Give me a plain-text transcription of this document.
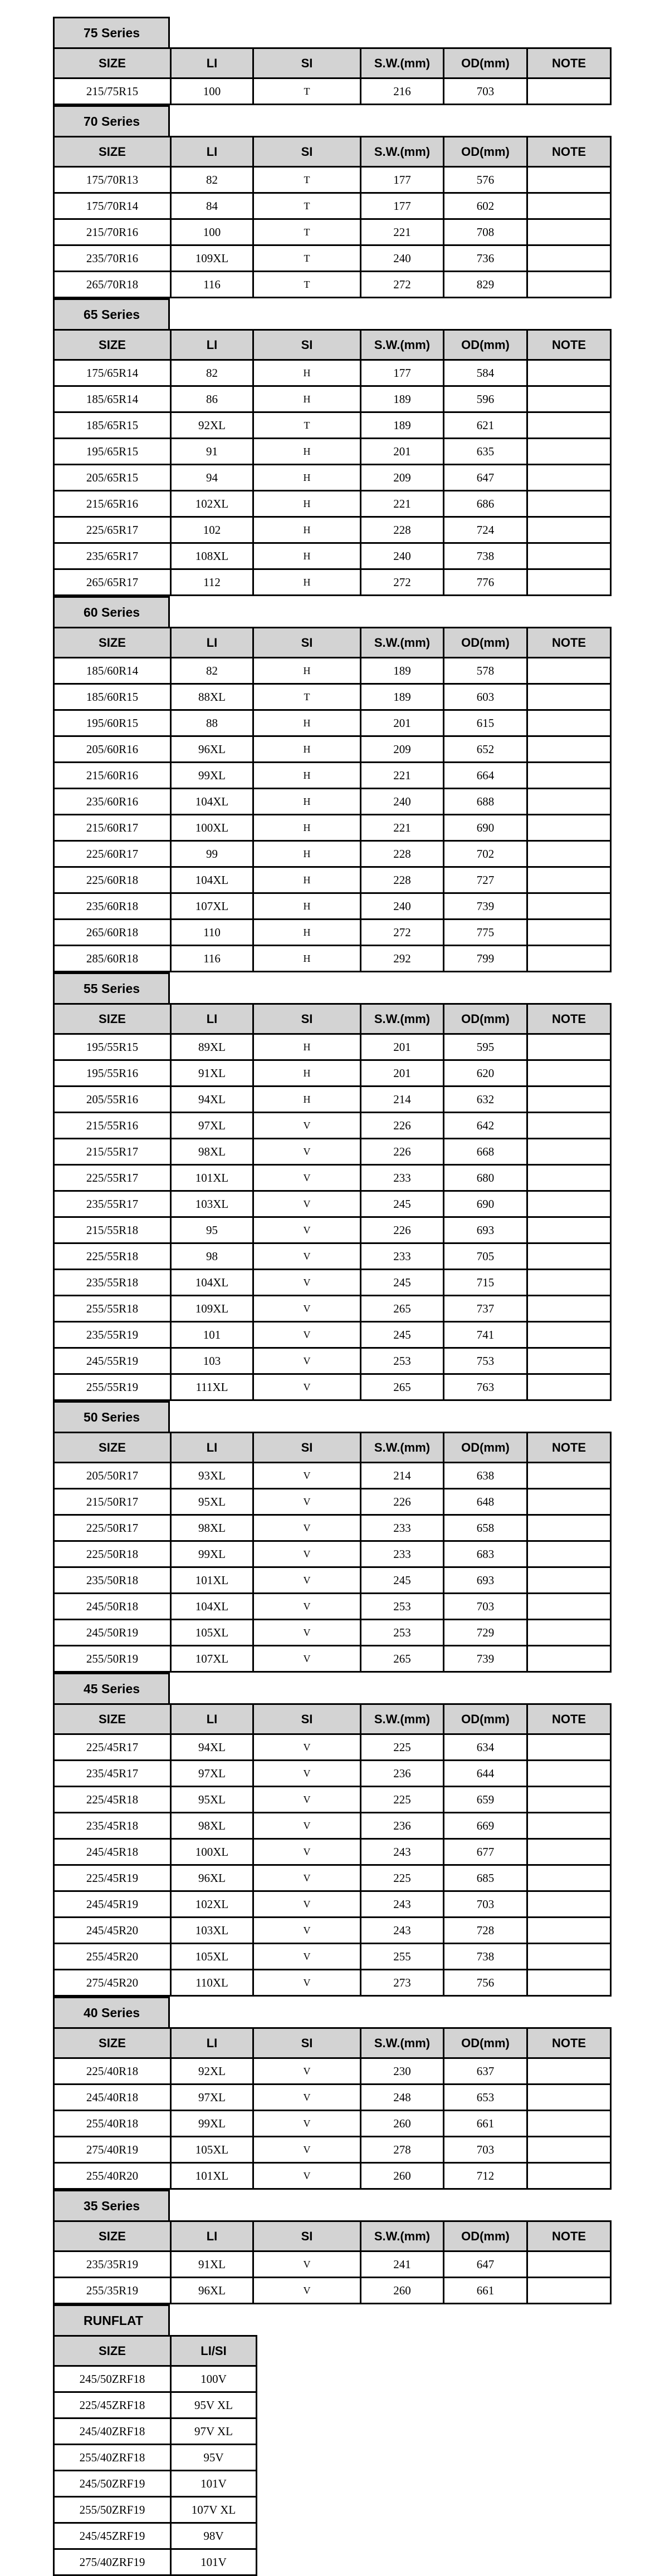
75 Series
SIZE	LI	SI	S.W.(mm)	OD(mm)	NOTE
215/75R15	100	T	216	703	
70 Series
SIZE	LI	SI	S.W.(mm)	OD(mm)	NOTE
175/70R13	82	T	177	576	
175/70R14	84	T	177	602	
215/70R16	100	T	221	708	
235/70R16	109XL	T	240	736	
265/70R18	116	T	272	829	
65 Series
SIZE	LI	SI	S.W.(mm)	OD(mm)	NOTE
175/65R14	82	H	177	584	
185/65R14	86	H	189	596	
185/65R15	92XL	T	189	621	
195/65R15	91	H	201	635	
205/65R15	94	H	209	647	
215/65R16	102XL	H	221	686	
225/65R17	102	H	228	724	
235/65R17	108XL	H	240	738	
265/65R17	112	H	272	776	
60 Series
SIZE	LI	SI	S.W.(mm)	OD(mm)	NOTE
185/60R14	82	H	189	578	
185/60R15	88XL	T	189	603	
195/60R15	88	H	201	615	
205/60R16	96XL	H	209	652	
215/60R16	99XL	H	221	664	
235/60R16	104XL	H	240	688	
215/60R17	100XL	H	221	690	
225/60R17	99	H	228	702	
225/60R18	104XL	H	228	727	
235/60R18	107XL	H	240	739	
265/60R18	110	H	272	775	
285/60R18	116	H	292	799	
55 Series
SIZE	LI	SI	S.W.(mm)	OD(mm)	NOTE
195/55R15	89XL	H	201	595	
195/55R16	91XL	H	201	620	
205/55R16	94XL	H	214	632	
215/55R16	97XL	V	226	642	
215/55R17	98XL	V	226	668	
225/55R17	101XL	V	233	680	
235/55R17	103XL	V	245	690	
215/55R18	95	V	226	693	
225/55R18	98	V	233	705	
235/55R18	104XL	V	245	715	
255/55R18	109XL	V	265	737	
235/55R19	101	V	245	741	
245/55R19	103	V	253	753	
255/55R19	111XL	V	265	763	
50 Series
SIZE	LI	SI	S.W.(mm)	OD(mm)	NOTE
205/50R17	93XL	V	214	638	
215/50R17	95XL	V	226	648	
225/50R17	98XL	V	233	658	
225/50R18	99XL	V	233	683	
235/50R18	101XL	V	245	693	
245/50R18	104XL	V	253	703	
245/50R19	105XL	V	253	729	
255/50R19	107XL	V	265	739	
45 Series
SIZE	LI	SI	S.W.(mm)	OD(mm)	NOTE
225/45R17	94XL	V	225	634	
235/45R17	97XL	V	236	644	
225/45R18	95XL	V	225	659	
235/45R18	98XL	V	236	669	
245/45R18	100XL	V	243	677	
225/45R19	96XL	V	225	685	
245/45R19	102XL	V	243	703	
245/45R20	103XL	V	243	728	
255/45R20	105XL	V	255	738	
275/45R20	110XL	V	273	756	
40 Series
SIZE	LI	SI	S.W.(mm)	OD(mm)	NOTE
225/40R18	92XL	V	230	637	
245/40R18	97XL	V	248	653	
255/40R18	99XL	V	260	661	
275/40R19	105XL	V	278	703	
255/40R20	101XL	V	260	712	
35 Series
SIZE	LI	SI	S.W.(mm)	OD(mm)	NOTE
235/35R19	91XL	V	241	647	
255/35R19	96XL	V	260	661	
RUNFLAT
SIZE	LI/SI
245/50ZRF18	100V
225/45ZRF18	95V XL
245/40ZRF18	97V XL
255/40ZRF18	95V
245/50ZRF19	101V
255/50ZRF19	107V XL
245/45ZRF19	98V
275/40ZRF19	101V
